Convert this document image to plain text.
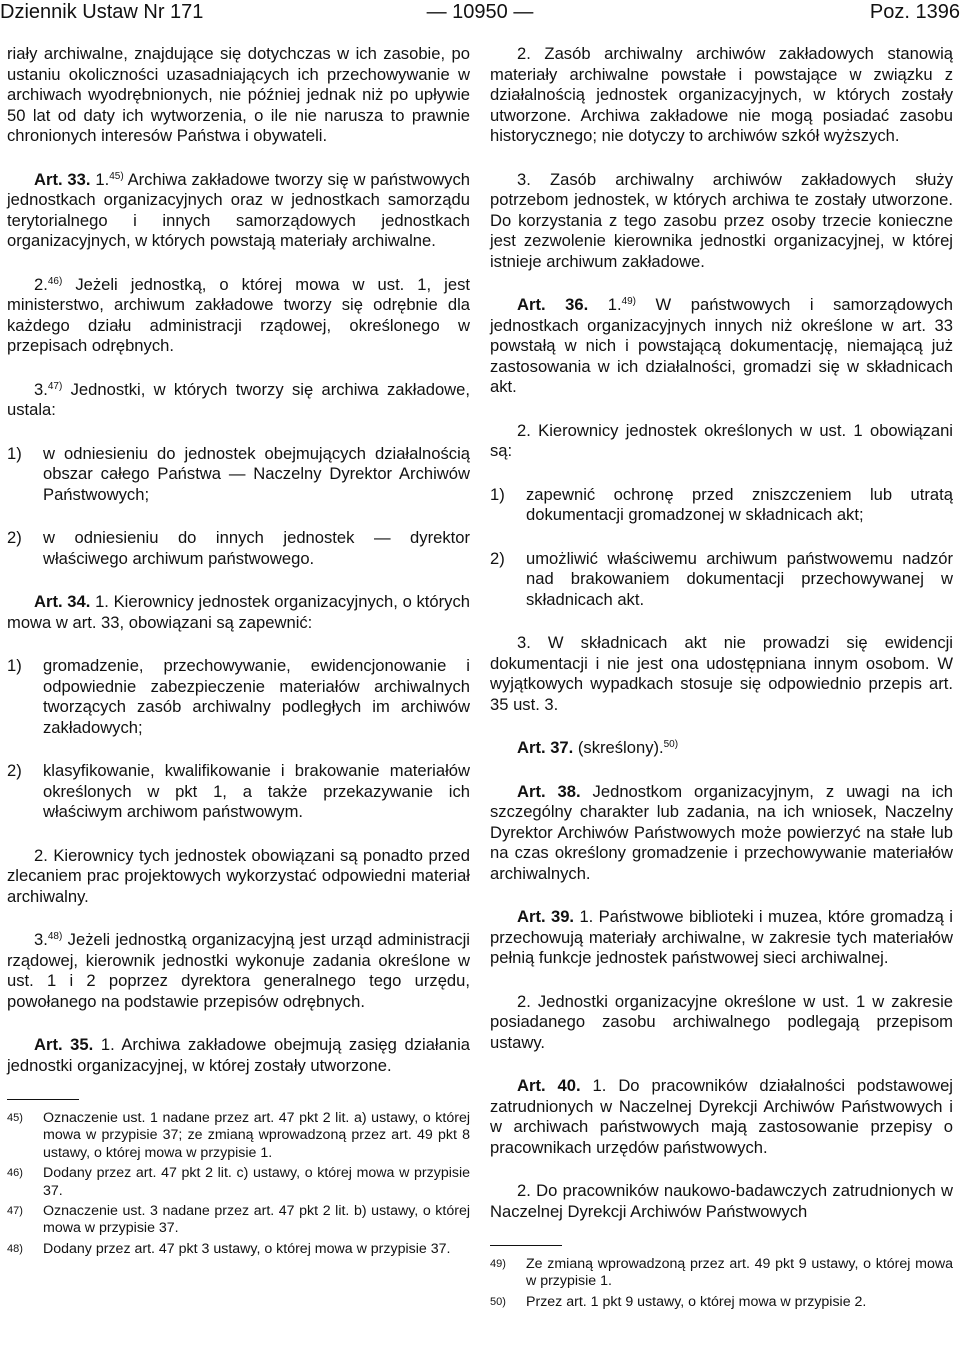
Dziennik Ustaw Nr 171	— 10950 —	Poz. 1396

riały archiwalne, znajdujące się dotychczas w ich zasobie, po ustaniu okoliczności uzasadniających ich przechowywanie w archiwach wyodrębnionych, nie później jednak niż po upływie 50 lat od daty ich wytworzenia, o ile nie narusza to prawnie chronionych interesów Państwa i obywateli.

Art. 33. 1.$^{45)}$ Archiwa zakładowe tworzy się w państwowych jednostkach organizacyjnych oraz w jednostkach samorządu terytorialnego i innych samorządowych jednostkach organizacyjnych, w których powstają materiały archiwalne.

2.$^{46)}$ Jeżeli jednostką, o której mowa w ust. 1, jest ministerstwo, archiwum zakładowe tworzy się odrębnie dla każdego działu administracji rządowej, określonego w przepisach odrębnych.

3.$^{47)}$ Jednostki, w których tworzy się archiwa zakładowe, ustala:

1)	w odniesieniu do jednostek obejmujących działalnością obszar całego Państwa — Naczelny Dyrektor Archiwów Państwowych;
2)	w odniesieniu do innych jednostek — dyrektor właściwego archiwum państwowego.

Art. 34. 1. Kierownicy jednostek organizacyjnych, o których mowa w art. 33, obowiązani są zapewnić:

1)	gromadzenie, przechowywanie, ewidencjonowanie i odpowiednie zabezpieczenie materiałów archiwalnych tworzących zasób archiwalny podległych im archiwów zakładowych;
2)	klasyfikowanie, kwalifikowanie i brakowanie materiałów określonych w pkt 1, a także przekazywanie ich właściwym archiwom państwowym.

2. Kierownicy tych jednostek obowiązani są ponadto przed zlecaniem prac projektowych wykorzystać odpowiedni materiał archiwalny.

3.$^{48)}$ Jeżeli jednostką organizacyjną jest urząd administracji rządowej, kierownik jednostki wykonuje zadania określone w ust. 1 i 2 poprzez dyrektora generalnego tego urzędu, powołanego na podstawie przepisów odrębnych.

Art. 35. 1. Archiwa zakładowe obejmują zasięg działania jednostki organizacyjnej, w której zostały utworzone.

45)	Oznaczenie ust. 1 nadane przez art. 47 pkt 2 lit. a) ustawy, o której mowa w przypisie 37; ze zmianą wprowadzoną przez art. 49 pkt 8 ustawy, o której mowa w przypisie 1.
46)	Dodany przez art. 47 pkt 2 lit. c) ustawy, o której mowa w przypisie 37.
47)	Oznaczenie ust. 3 nadane przez art. 47 pkt 2 lit. b) ustawy, o której mowa w przypisie 37.
48)	Dodany przez art. 47 pkt 3 ustawy, o której mowa w przypisie 37.

2. Zasób archiwalny archiwów zakładowych stanowią materiały archiwalne powstałe i powstające w związku z działalnością jednostek organizacyjnych, w których zostały utworzone. Archiwa zakładowe nie mogą posiadać zasobu historycznego; nie dotyczy to archiwów szkół wyższych.

3. Zasób archiwalny archiwów zakładowych służy potrzebom jednostek, w których archiwa te zostały utworzone. Do korzystania z tego zasobu przez osoby trzecie konieczne jest zezwolenie kierownika jednostki organizacyjnej, w której istnieje archiwum zakładowe.

Art. 36. 1.$^{49)}$ W państwowych i samorządowych jednostkach organizacyjnych innych niż określone w art. 33 powstałą w nich i powstającą dokumentację, niemającą już zastosowania w ich działalności, gromadzi się w składnicach akt.

2. Kierownicy jednostek określonych w ust. 1 obowiązani są:

1)	zapewnić ochronę przed zniszczeniem lub utratą dokumentacji gromadzonej w składnicach akt;
2)	umożliwić właściwemu archiwum państwowemu nadzór nad brakowaniem dokumentacji przechowywanej w składnicach akt.

3. W składnicach akt nie prowadzi się ewidencji dokumentacji i nie jest ona udostępniana innym osobom. W wyjątkowych wypadkach stosuje się odpowiednio przepis art. 35 ust. 3.

Art. 37. (skreślony).$^{50)}$

Art. 38. Jednostkom organizacyjnym, z uwagi na ich szczególny charakter lub zadania, na ich wniosek, Naczelny Dyrektor Archiwów Państwowych może powierzyć na stałe lub na czas określony gromadzenie i przechowywanie materiałów archiwalnych.

Art. 39. 1. Państwowe biblioteki i muzea, które gromadzą i przechowują materiały archiwalne, w zakresie tych materiałów pełnią funkcje jednostek państwowej sieci archiwalnej.

2. Jednostki organizacyjne określone w ust. 1 w zakresie posiadanego zasobu archiwalnego podlegają przepisom ustawy.

Art. 40. 1. Do pracowników działalności podstawowej zatrudnionych w Naczelnej Dyrekcji Archiwów Państwowych i w archiwach państwowych mają zastosowanie przepisy o pracownikach urzędów państwowych.

2. Do pracowników naukowo-badawczych zatrudnionych w Naczelnej Dyrekcji Archiwów Państwowych

49)	Ze zmianą wprowadzoną przez art. 49 pkt 9 ustawy, o której mowa w przypisie 1.
50)	Przez art. 1 pkt 9 ustawy, o której mowa w przypisie 2.
